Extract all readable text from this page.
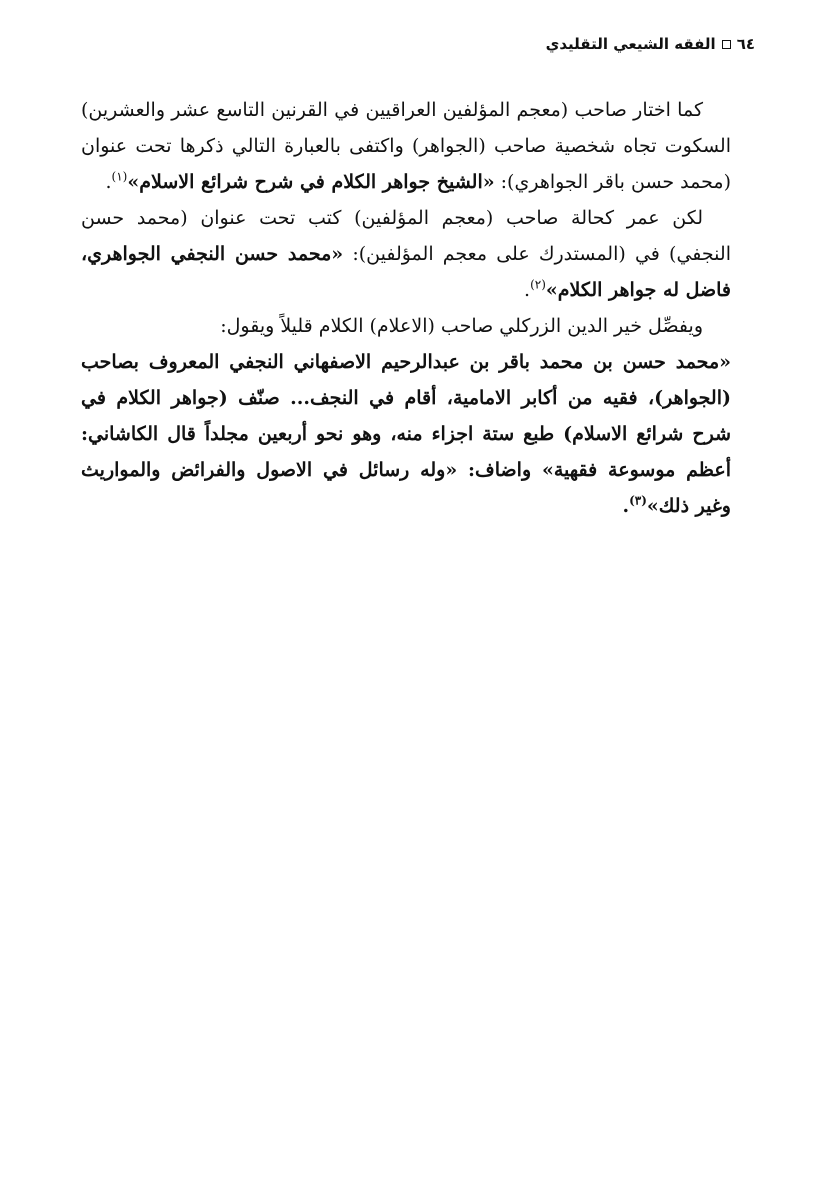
٦٤
الفقه الشيعي التقليدي

كما اختار صاحب (معجم المؤلفين العراقيين في القرنين التاسع عشر والعشرين) السكوت تجاه شخصية صاحب (الجواهر) واكتفى بالعبارة التالي ذكرها تحت عنوان (محمد حسن باقر الجواهري): «الشيخ جواهر الكلام في شرح شرائع الاسلام»$^{(١)}$.

لكن عمر كحالة صاحب (معجم المؤلفين) كتب تحت عنوان (محمد حسن النجفي) في (المستدرك على معجم المؤلفين): «محمد حسن النجفي الجواهري، فاضل له جواهر الكلام»$^{(٢)}$.

ويفصِّل خير الدين الزركلي صاحب (الاعلام) الكلام قليلاً ويقول:

«محمد حسن بن محمد باقر بن عبدالرحيم الاصفهاني النجفي المعروف بصاحب (الجواهر)، فقيه من أكابر الامامية، أقام في النجف... صنّف (جواهر الكلام في شرح شرائع الاسلام) طبع ستة اجزاء منه، وهو نحو أربعين مجلداً قال الكاشاني: أعظم موسوعة فقهية» واضاف: «وله رسائل في الاصول والفرائض والمواريث وغير ذلك»$^{(٣)}$.
